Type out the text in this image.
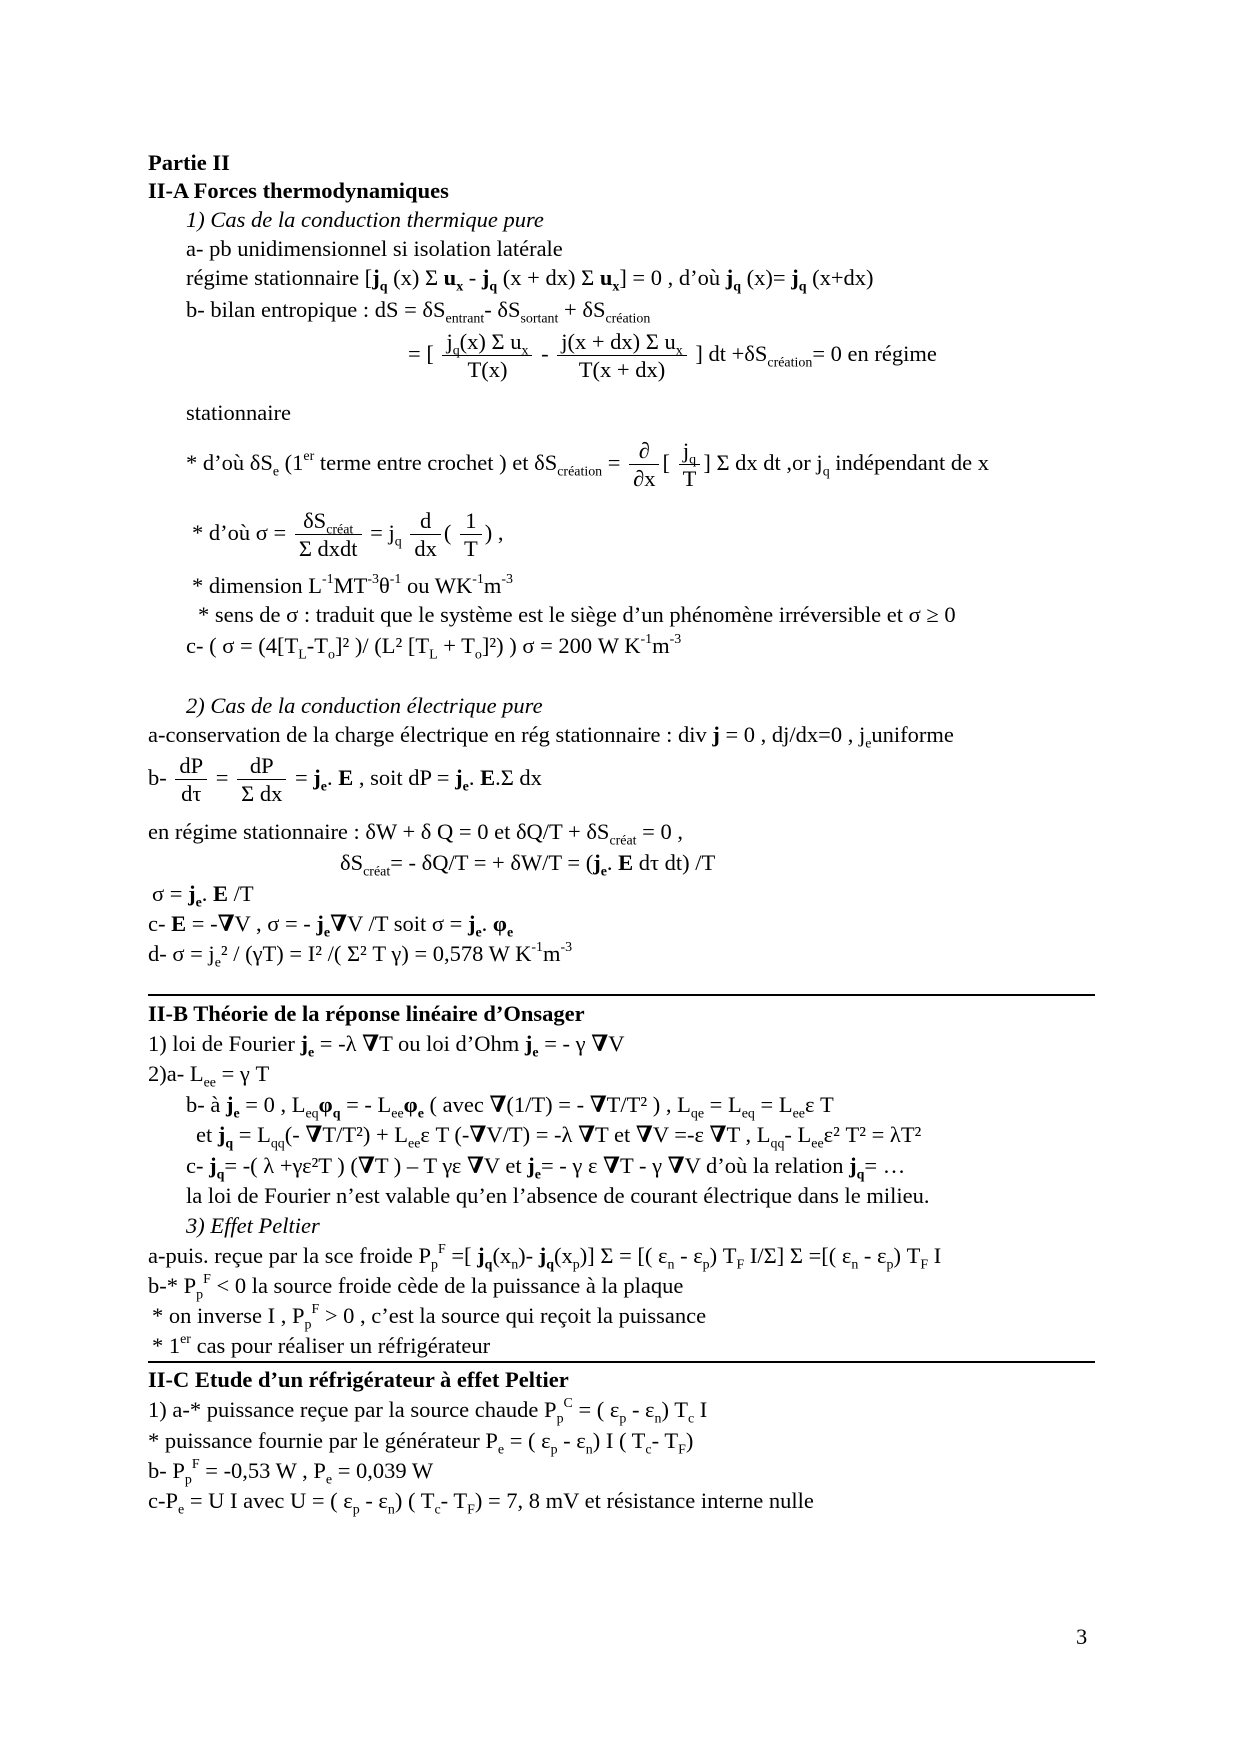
Partie II
II-A Forces thermodynamiques
1) Cas de la conduction thermique pure
a- pb unidimensionnel si isolation latérale
régime stationnaire [$j_q$ (x) Σ $u_x - j_q$ (x + dx) Σ $u_x] = 0$ , d’où $j_q$ $(x)= j_q$ (x+dx)
b- bilan entropique : dS = $\delta S_{entrant}-$ $\delta S_{sortant} + \delta S_{création}$
= [ $\frac{j_q(x) \Sigma u_x}{T(x)} - \frac{j(x + dx) \Sigma u_x}{T(x + dx)}$ ] dt $+\delta S_{création}= 0$ en régime
stationnaire
* d’où $\delta S_e$ (1er terme entre crochet ) et $\delta S_{création} = \frac{\partial}{\partial x}$ [ $\frac{j_q}{T}$ ] Σ dx dt ,or $j_q$ indépendant de x
* d’où $\sigma = \frac{\delta S_{créat}}{\text{Σ dxdt}} = j_q \frac{d}{dx}$ ( $\frac{1}{T}$ ) ,
* dimension $L^{-1}MT^{-3}\theta^{-1}$ ou $WK^{-1}m^{-3}$
* sens de σ : traduit que le système est le siège d’un phénomène irréversible et σ ≥ 0
c- ( $\sigma = (4[T_L-T_o]^2$ )/ (L² $[T_L + T_o]^2$) ) σ = 200 W $K^{-1}m^{-3}$
2) Cas de la conduction électrique pure
a-conservation de la charge électrique en rég stationnaire : div j = 0 , dj/dx=0 , $j_euniforme$
$b- \frac{dP}{d\tau} = \frac{dP}{\text{Σ dx}} = j_e$. E , soit dP = $j_e$. E.Σ dx
en régime stationnaire : δW + δ Q = 0 et $\delta Q/T + \delta S_{créat} = 0$ ,
$\delta S_{créat}= - \delta Q/T$ = + $\delta W/T = (j_e$. E dτ dt) /T
$\sigma = j_e$. E /T
c- E = -∇V , σ = - $j_e\nabla V$ /T soit $\sigma = j_e$. $\varphi_e$
d- $\sigma = j_e^2 / (\gamma T) = I^2$ /( Σ² T γ) = 0,578 W $K^{-1}m^{-3}$
II-B Théorie de la réponse linéaire d’Onsager
1) loi de Fourier $j_e = -\lambda$ ∇T ou loi d’Ohm $j_e$ = - γ ∇V
2)a- $L_{ee} = \gamma$ T
b- à $j_e = 0$ , $L_{eq}\varphi_q$ = - $L_{ee}\varphi_e$ ( avec ∇(1/T) = - ∇T/T² ) , $L_{qe} = L_{eq} = L_{ee}\varepsilon$ T
et $j_q = L_{qq}(-$ $\nabla T/T^2) + L_{ee}\varepsilon$ T (-∇V/T) = -λ ∇T et ∇V =-ε ∇T , $L_{qq}-$ $L_{ee}\varepsilon^2$ T² = λT²
c- $j_q=$ -( λ +γε²T ) (∇T ) – T γε ∇V et $j_e= - \gamma$ ε ∇T - γ ∇V d’où la relation $j_q=$ …
la loi de Fourier n’est valable qu’en l’absence de courant électrique dans le milieu.
3) Effet Peltier
a-puis. reçue par la sce froide $P_p^F$ =[ $j_q(x_n)-$ $j_q(x_p)$] Σ = [( $\varepsilon_n - \varepsilon_p$) $T_F$ I/Σ] Σ =[( $\varepsilon_n - \varepsilon_p$) $T_F$ I
b-* $P_p^F < 0$ la source froide cède de la puissance à la plaque
* on inverse I , $P_p^F > 0$ , c’est la source qui reçoit la puissance
* 1er cas pour réaliser un réfrigérateur
II-C Etude d’un réfrigérateur à effet Peltier
1) a-* puissance reçue par la source chaude $P_p^C$ = ( $\varepsilon_p - \varepsilon_n$) $T_c$ I
* puissance fournie par le générateur $P_e$ = ( $\varepsilon_p - \varepsilon_n$) I ( $T_c-$ $T_F$)
b- $P_p^F = -0,53$ W , $P_e = 0,039$ W
$c-P_e = U$ I avec U = ( $\varepsilon_p - \varepsilon_n$) ( $T_c-$ $T_F) = 7$, 8 mV et résistance interne nulle
3
